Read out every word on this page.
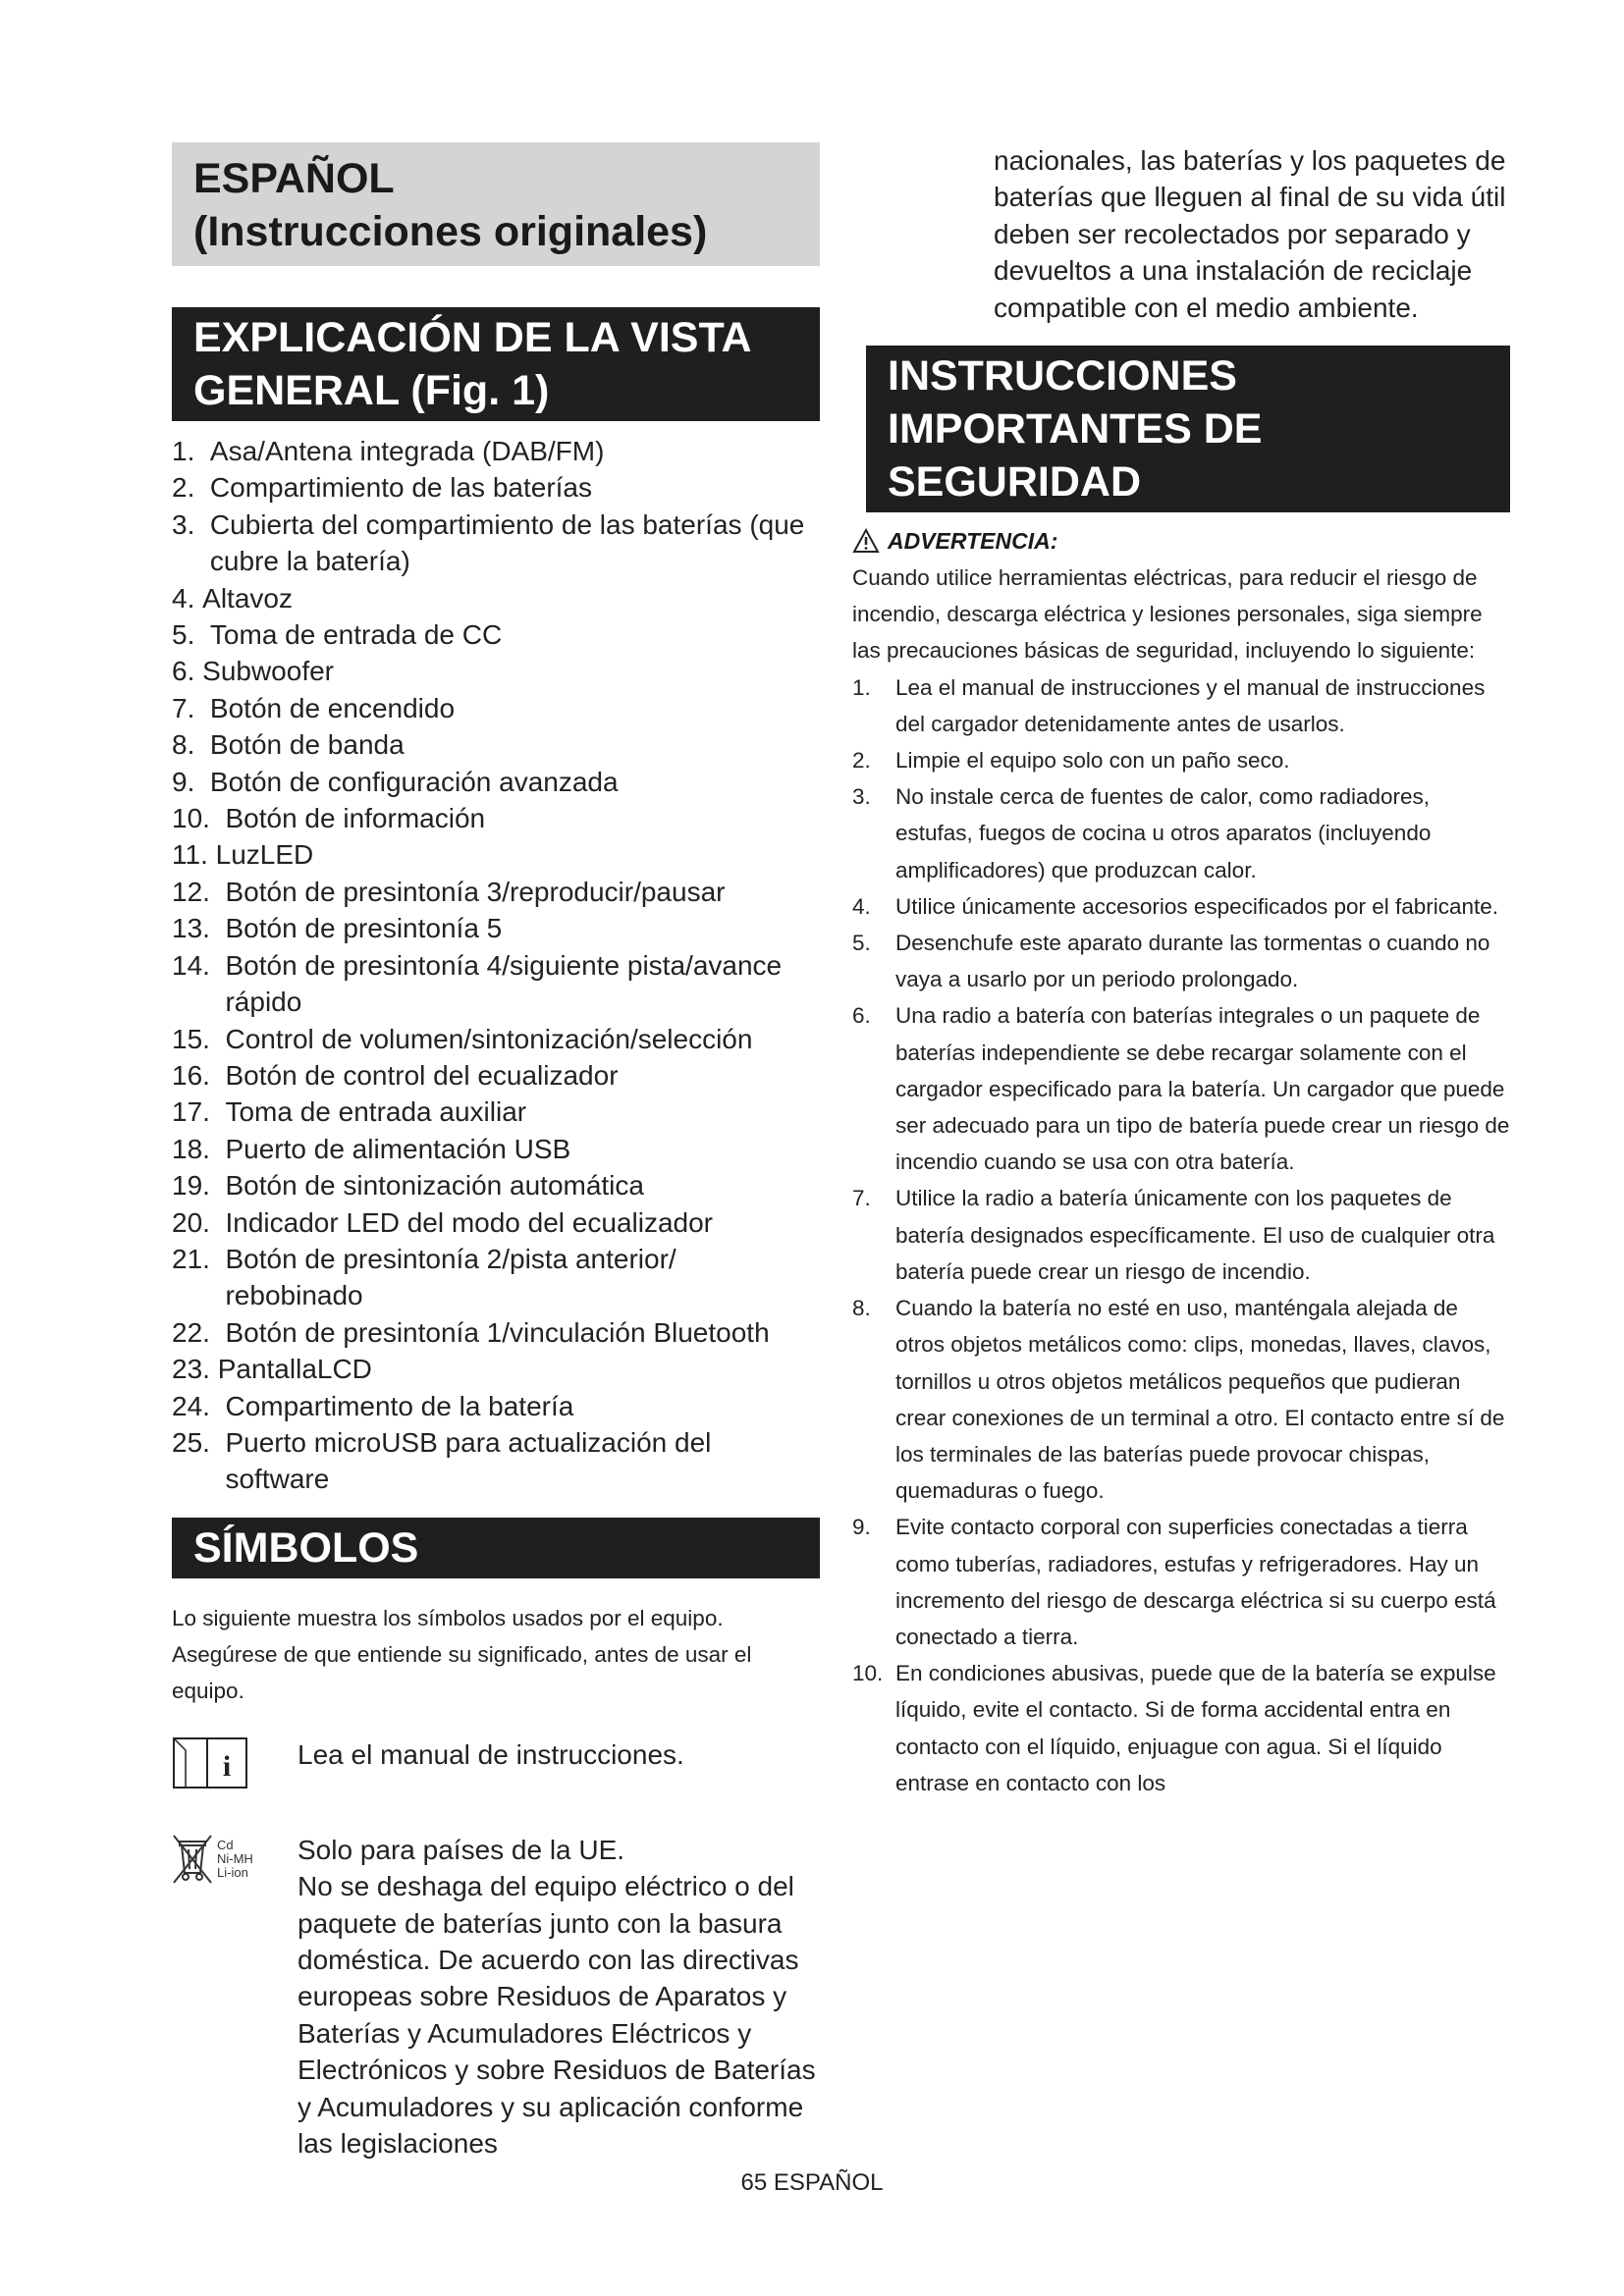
ESPAÑOL
(Instrucciones originales)
EXPLICACIÓN DE LA VISTA
GENERAL (Fig. 1)
1. Asa/Antena integrada (DAB/FM)
2. Compartimiento de las baterías
3. Cubierta del compartimiento de las baterías (que cubre la batería)
4. Altavoz
5. Toma de entrada de CC
6. Subwoofer
7. Botón de encendido
8. Botón de banda
9. Botón de configuración avanzada
10. Botón de información
11. LuzLED
12. Botón de presintonía 3/reproducir/pausar
13. Botón de presintonía 5
14. Botón de presintonía 4/siguiente pista/avance rápido
15. Control de volumen/sintonización/selección
16. Botón de control del ecualizador
17. Toma de entrada auxiliar
18. Puerto de alimentación USB
19. Botón de sintonización automática
20. Indicador LED del modo del ecualizador
21. Botón de presintonía 2/pista anterior/ rebobinado
22. Botón de presintonía 1/vinculación Bluetooth
23. PantallaLCD
24. Compartimento de la batería
25. Puerto microUSB para actualización del software
SÍMBOLOS
Lo siguiente muestra los símbolos usados por el equipo. Asegúrese de que entiende su significado, antes de usar el equipo.
i Lea el manual de instrucciones.
Cd
Ni-MH
Li-ion
Solo para países de la UE.
No se deshaga del equipo eléctrico o del paquete de baterías junto con la basura doméstica. De acuerdo con las directivas europeas sobre Residuos de Aparatos y Baterías y Acumuladores Eléctricos y Electrónicos y sobre Residuos de Baterías y Acumuladores y su aplicación conforme las legislaciones
nacionales, las baterías y los paquetes de baterías que lleguen al final de su vida útil deben ser recolectados por separado y devueltos a una instalación de reciclaje compatible con el medio ambiente.
INSTRUCCIONES
IMPORTANTES DE
SEGURIDAD
ADVERTENCIA:
Cuando utilice herramientas eléctricas, para reducir el riesgo de incendio, descarga eléctrica y lesiones personales, siga siempre las precauciones básicas de seguridad, incluyendo lo siguiente:
1.	Lea el manual de instrucciones y el manual de instrucciones del cargador detenidamente antes de usarlos.
2.	Limpie el equipo solo con un paño seco.
3.	No instale cerca de fuentes de calor, como radiadores, estufas, fuegos de cocina u otros aparatos (incluyendo amplificadores) que produzcan calor.
4.	Utilice únicamente accesorios especificados por el fabricante.
5.	Desenchufe este aparato durante las tormentas o cuando no vaya a usarlo por un periodo prolongado.
6.	Una radio a batería con baterías integrales o un paquete de baterías independiente se debe recargar solamente con el cargador especificado para la batería. Un cargador que puede ser adecuado para un tipo de batería puede crear un riesgo de incendio cuando se usa con otra batería.
7.	Utilice la radio a batería únicamente con los paquetes de batería designados específicamente. El uso de cualquier otra batería puede crear un riesgo de incendio.
8.	Cuando la batería no esté en uso, manténgala alejada de otros objetos metálicos como: clips, monedas, llaves, clavos, tornillos u otros objetos metálicos pequeños que pudieran crear conexiones de un terminal a otro. El contacto entre sí de los terminales de las baterías puede provocar chispas, quemaduras o fuego.
9.	Evite contacto corporal con superficies conectadas a tierra como tuberías, radiadores, estufas y refrigeradores. Hay un incremento del riesgo de descarga eléctrica si su cuerpo está conectado a tierra.
10. En condiciones abusivas, puede que de la batería se expulse líquido, evite el contacto. Si de forma accidental entra en contacto con el líquido, enjuague con agua. Si el líquido entrase en contacto con los
65 ESPAÑOL
